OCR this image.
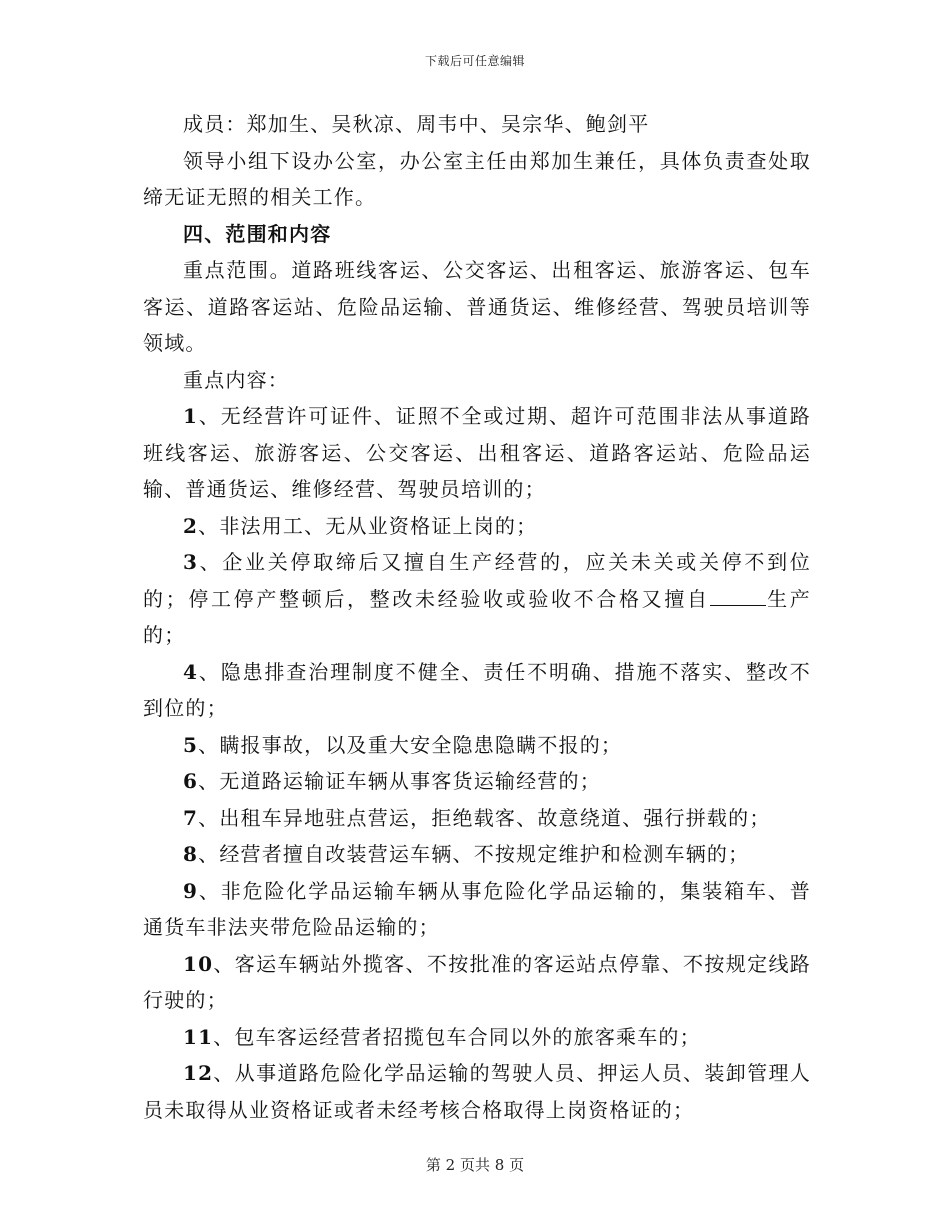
下载后可任意编辑

成员：郑加生、吴秋凉、周韦中、吴宗华、鲍剑平

领导小组下设办公室，办公室主任由郑加生兼任，具体负责查处取缔无证无照的相关工作。

四、范围和内容

重点范围。道路班线客运、公交客运、出租客运、旅游客运、包车客运、道路客运站、危险品运输、普通货运、维修经营、驾驶员培训等领域。

重点内容：

1、无经营许可证件、证照不全或过期、超许可范围非法从事道路班线客运、旅游客运、公交客运、出租客运、道路客运站、危险品运输、普通货运、维修经营、驾驶员培训的；

2、非法用工、无从业资格证上岗的；

3、企业关停取缔后又擅自生产经营的，应关未关或关停不到位的；停工停产整顿后，整改未经验收或验收不合格又擅自	生产的；

4、隐患排查治理制度不健全、责任不明确、措施不落实、整改不到位的；

5、瞒报事故，以及重大安全隐患隐瞒不报的；

6、无道路运输证车辆从事客货运输经营的；

7、出租车异地驻点营运，拒绝载客、故意绕道、强行拼载的；

8、经营者擅自改装营运车辆、不按规定维护和检测车辆的；

9、非危险化学品运输车辆从事危险化学品运输的，集装箱车、普通货车非法夹带危险品运输的；

10、客运车辆站外揽客、不按批准的客运站点停靠、不按规定线路行驶的；

11、包车客运经营者招揽包车合同以外的旅客乘车的；

12、从事道路危险化学品运输的驾驶人员、押运人员、装卸管理人员未取得从业资格证或者未经考核合格取得上岗资格证的；

第 2 页共 8 页
